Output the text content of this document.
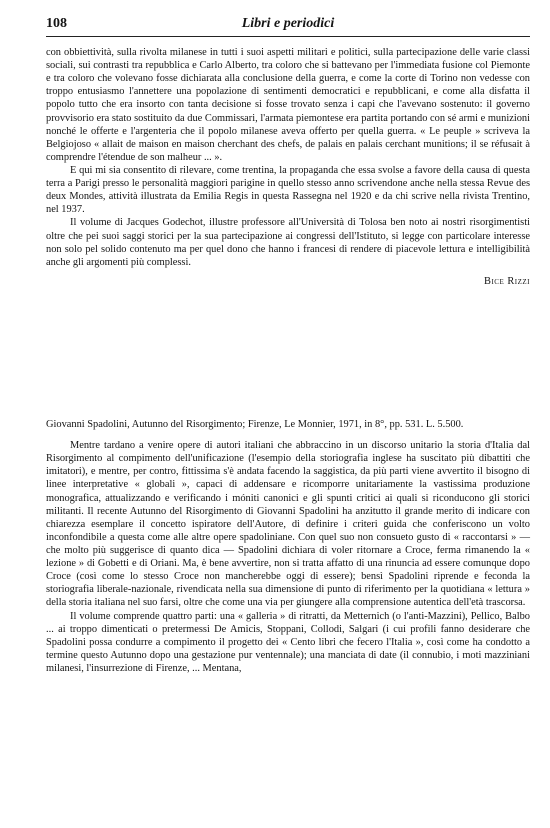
108	Libri e periodici

con obbiettività, sulla rivolta milanese in tutti i suoi aspetti militari e politici, sulla partecipazione delle varie classi sociali, sui contrasti tra repubblica e Carlo Alberto, tra coloro che si battevano per l'immediata fusione col Piemonte e tra coloro che volevano fosse dichiarata alla conclusione della guerra, e come la corte di Torino non vedesse con troppo entusiasmo l'annettere una popolazione di sentimenti democratici e repubblicani, e come alla disfatta il popolo tutto che era insorto con tanta decisione si fosse trovato senza i capi che l'avevano sostenuto: il governo provvisorio era stato sostituito da due Commissari, l'armata piemontese era partita portando con sé armi e munizioni nonché le offerte e l'argenteria che il popolo milanese aveva offerto per quella guerra. « Le peuple » scriveva la Belgiojoso « allait de maison en maison cherchant des chefs, de palais en palais cerchant munitions; il se réfusait à comprendre l'étendue de son malheur ... ».

E qui mi sia consentito di rilevare, come trentina, la propaganda che essa svolse a favore della causa di questa terra a Parigi presso le personalità maggiori parigine in quello stesso anno scrivendone anche nella stessa Revue des deux Mondes, attività illustrata da Emilia Regis in questa Rassegna nel 1920 e da chi scrive nella rivista Trentino, nel 1937.

Il volume di Jacques Godechot, illustre professore all'Università di Tolosa ben noto ai nostri risorgimentisti oltre che pei suoi saggi storici per la sua partecipazione ai congressi dell'Istituto, si legge con particolare interesse non solo pel solido contenuto ma per quel dono che hanno i francesi di rendere di piacevole lettura e intelligibilità anche gli argomenti più complessi.

Bice Rizzi

Giovanni Spadolini, Autunno del Risorgimento; Firenze, Le Monnier, 1971, in 8°, pp. 531. L. 5.500.

Mentre tardano a venire opere di autori italiani che abbraccino in un discorso unitario la storia d'Italia dal Risorgimento al compimento dell'unificazione (l'esempio della storiografia inglese ha suscitato più dibattiti che imitatori), e mentre, per contro, fittissima s'è andata facendo la saggistica, da più parti viene avvertito il bisogno di linee interpretative « globali », capaci di addensare e ricomporre unitariamente la vastissima produzione monografica, attualizzando e verificando i móniti canonici e gli spunti critici ai quali si riconducono gli storici militanti. Il recente Autunno del Risorgimento di Giovanni Spadolini ha anzitutto il grande merito di indicare con chiarezza esemplare il concetto ispiratore dell'Autore, di definire i criteri guida che conferiscono un volto inconfondibile a questa come alle altre opere spadoliniane. Con quel suo non consueto gusto di « raccontarsi » — che molto più suggerisce di quanto dica — Spadolini dichiara di voler ritornare a Croce, ferma rimanendo la « lezione » di Gobetti e di Oriani. Ma, è bene avvertire, non si tratta affatto di una rinuncia ad essere comunque dopo Croce (così come lo stesso Croce non mancherebbe oggi di essere); bensì Spadolini riprende e feconda la storiografia liberale-nazionale, rivendicata nella sua dimensione di punto di riferimento per la quotidiana « lettura » della storia italiana nel suo farsi, oltre che come una via per giungere alla comprensione autentica dell'età trascorsa.

Il volume comprende quattro parti: una « galleria » di ritratti, da Metternich (o l'anti-Mazzini), Pellico, Balbo ... ai troppo dimenticati o pretermessi De Amicis, Stoppani, Collodi, Salgari (i cui profili fanno desiderare che Spadolini possa condurre a compimento il progetto dei « Cento libri che fecero l'Italia », così come ha condotto a termine questo Autunno dopo una gestazione pur ventennale); una manciata di date (il connubio, i moti mazziniani milanesi, l'insurrezione di Firenze, ... Mentana,
